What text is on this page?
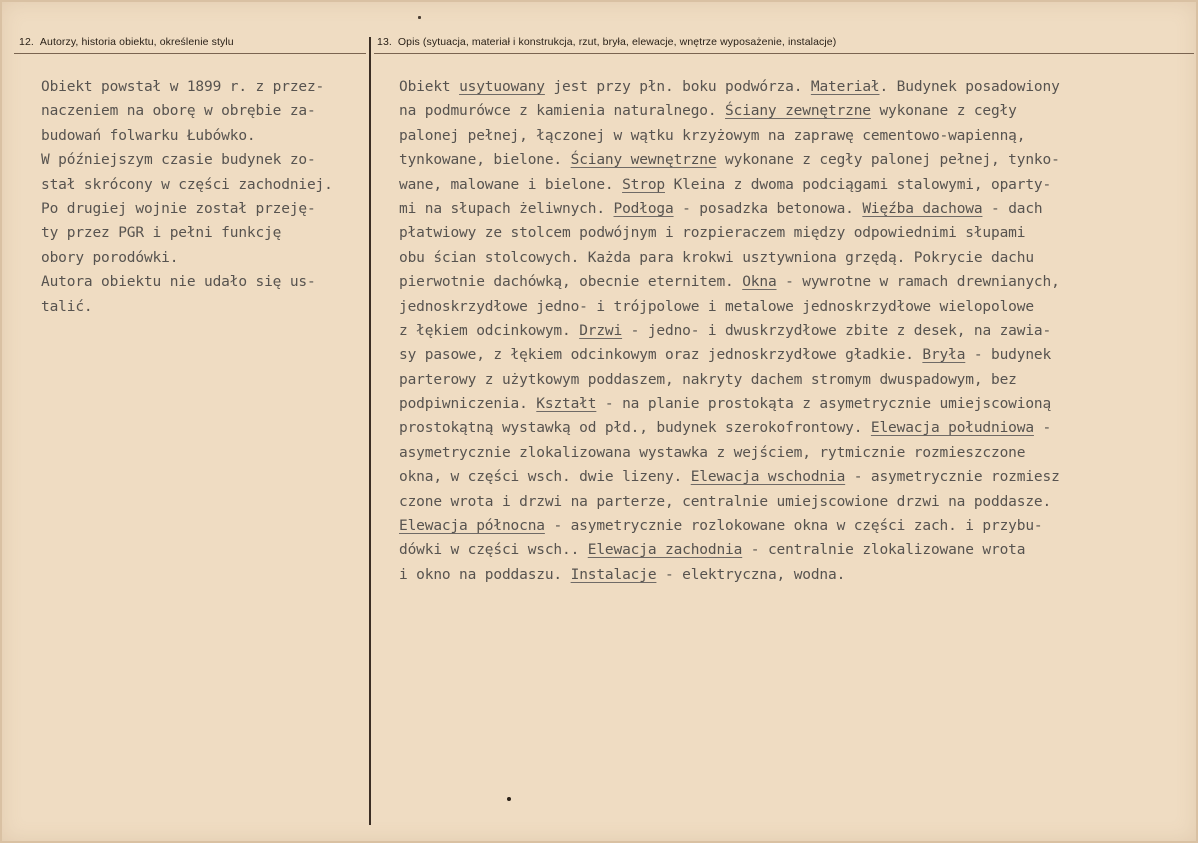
12. Autorzy, historia obiektu, określenie stylu	13. Opis (sytuacja, materiał i konstrukcja, rzut, bryła, elewacje, wnętrze wyposażenie, instalacje)
Obiekt powstał w 1899 r. z przez-
naczeniem na oborę w obrębie za-
budowań folwarku Łubówko.
W późniejszym czasie budynek zo-
stał skrócony w części zachodniej.
Po drugiej wojnie został przeję-
ty przez PGR i pełni funkcję
obory porodówki.
Autora obiektu nie udało się us-
talić.
Obiekt usytuowany jest przy płn. boku podwórza. Materiał. Budynek posadowiony
na podmurówce z kamienia naturalnego. Ściany zewnętrzne wykonane z cegły
palonej pełnej, łączonej w wątku krzyżowym na zaprawę cementowo-wapienną,
tynkowane, bielone. Ściany wewnętrzne wykonane z cegły palonej pełnej, tynko-
wane, malowane i bielone. Strop Kleina z dwoma podciągami stalowymi, oparty-
mi na słupach żeliwnych. Podłoga - posadzka betonowa. Więźba dachowa - dach
płatwiowy ze stolcem podwójnym i rozpieraczem między odpowiednimi słupami
obu ścian stolcowych. Każda para krokwi usztywniona grzędą. Pokrycie dachu
pierwotnie dachówką, obecnie eternitem. Okna - wywrotne w ramach drewnianych,
jednoskrzydłowe jedno- i trójpolowe i metalowe jednoskrzydłowe wielopolowe
z łękiem odcinkowym. Drzwi - jedno- i dwuskrzydłowe zbite z desek, na zawia-
sy pasowe, z łękiem odcinkowym oraz jednoskrzydłowe gładkie. Bryła - budynek
parterowy z użytkowym poddaszem, nakryty dachem stromym dwuspadowym, bez
podpiwniczenia. Kształt - na planie prostokąta z asymetrycznie umiejscowioną
prostokątną wystawką od płd., budynek szerokofrontowy. Elewacja południowa -
asymetrycznie zlokalizowana wystawka z wejściem, rytmicznie rozmieszczone
okna, w części wsch. dwie lizeny. Elewacja wschodnia - asymetrycznie rozmiesz
czone wrota i drzwi na parterze, centralnie umiejscowione drzwi na poddasze.
Elewacja północna - asymetrycznie rozlokowane okna w części zach. i przybu-
dówki w części wsch.. Elewacja zachodnia - centralnie zlokalizowane wrota
i okno na poddaszu. Instalacje - elektryczna, wodna.
